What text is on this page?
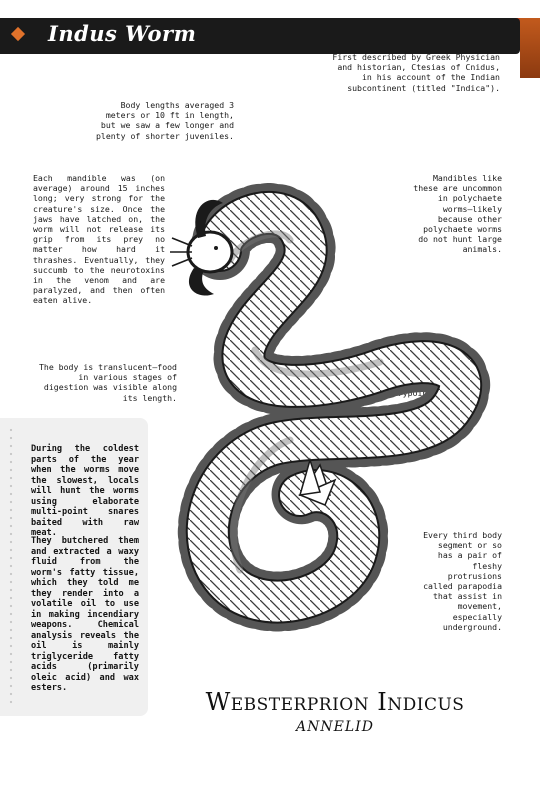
Indus Worm
First described by Greek Physician and historian, Ctesias of Cnidus, in his account of the Indian subcontinent (titled "Indica").
Body lengths averaged 3 meters or 10 ft in length, but we saw a few longer and plenty of shorter juveniles.
Each mandible was (on average) around 15 inches long; very strong for the creature's size. Once the jaws have latched on, the worm will not release its grip from its prey no matter how hard it thrashes. Eventually, they succumb to the neurotoxins in the venom and are paralyzed, and then often eaten alive.
Mandibles like these are uncommon in polychaete worms—likely because other polychaete worms do not hunt large animals.
The body is translucent—food in various stages of digestion was visible along its length.
Fronds on the tail tip aid in scattering sand when burrowing, disguising the entrypoint.
Every third body segment or so has a pair of fleshy protrusions called parapodia that assist in movement, especially underground.
During the coldest parts of the year when the worms move the slowest, locals will hunt the worms using elaborate multi-point snares baited with raw meat.
They butchered them and extracted a waxy fluid from the worm's fatty tissue, which they told me they render into a volatile oil to use in making incendiary weapons. Chemical analysis reveals the oil is mainly triglyceride fatty acids (primarily oleic acid) and wax esters.	Websterprion Indicus
ANNELID
